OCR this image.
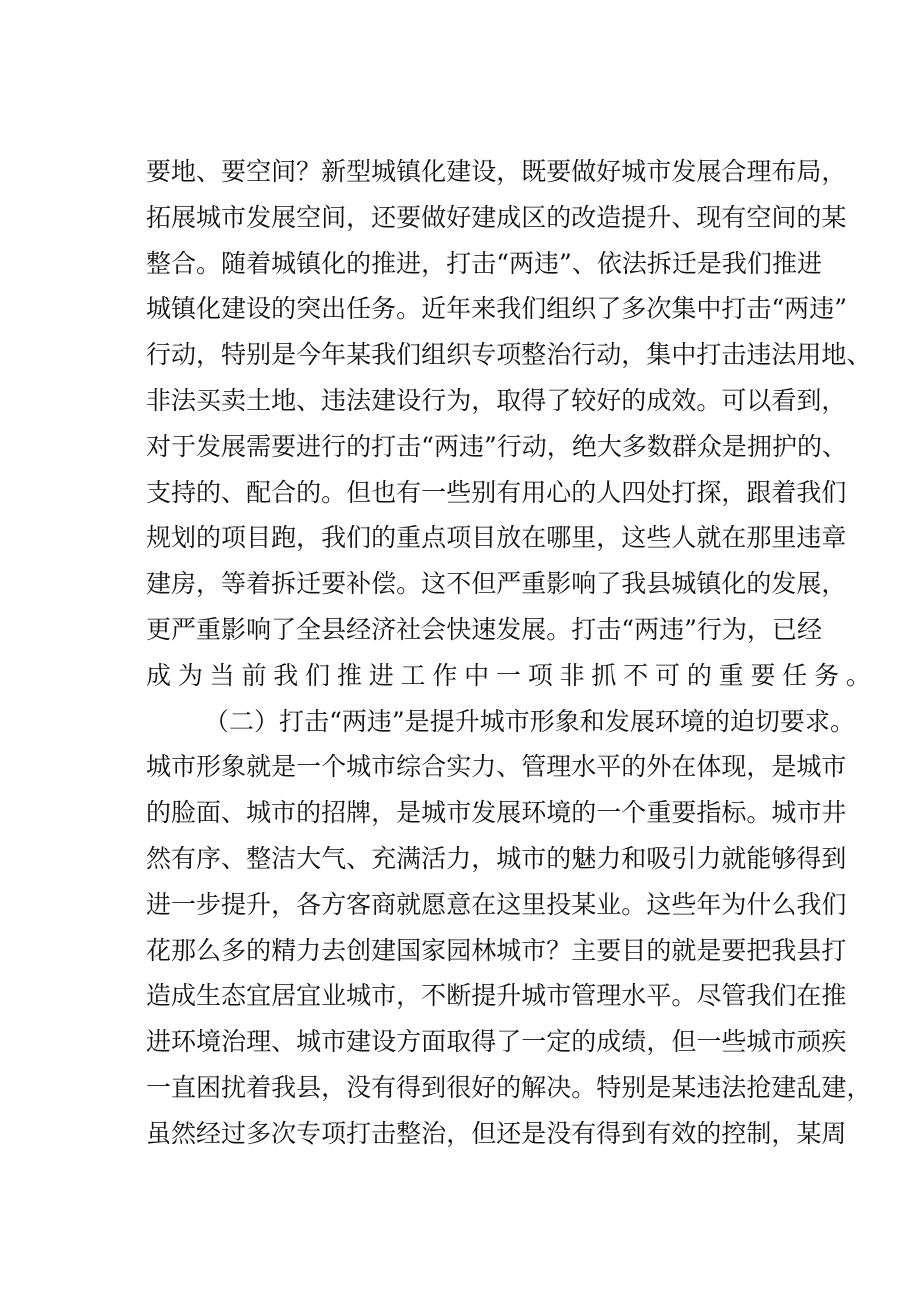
要 地 、 要 空 间 ？ 新 型 城 镇 化 建 设 ， 既 要 做 好 城 市 发 展 合 理 布 局 ，
拓 展 城 市 发 展 空 间 ， 还 要 做 好 建 成 区 的 改 造 提 升 、 现 有 空 间 的 某
整 合 。 随 着 城 镇 化 的 推 进 ， 打 击 “ 两 违 ” 、 依 法 拆 迁 是 我 们 推 进
城 镇 化 建 设 的 突 出 任 务 。 近 年 来 我 们 组 织 了 多 次 集 中 打 击 “ 两 违 ”
行 动 ， 特 别 是 今 年 某 我 们 组 织 专 项 整 治 行 动 ， 集 中 打 击 违 法 用 地 、
非 法 买 卖 土 地 、 违 法 建 设 行 为 ， 取 得 了 较 好 的 成 效 。 可 以 看 到 ，
对 于 发 展 需 要 进 行 的 打 击 “ 两 违 ” 行 动 ， 绝 大 多 数 群 众 是 拥 护 的 、
支 持 的 、 配 合 的 。 但 也 有 一 些 别 有 用 心 的 人 四 处 打 探 ， 跟 着 我 们
规 划 的 项 目 跑 ， 我 们 的 重 点 项 目 放 在 哪 里 ， 这 些 人 就 在 那 里 违 章
建 房 ， 等 着 拆 迁 要 补 偿 。 这 不 但 严 重 影 响 了 我 县 城 镇 化 的 发 展 ，
更 严 重 影 响 了 全 县 经 济 社 会 快 速 发 展 。 打 击 “ 两 违 ” 行 为 ， 已 经
成 为 当 前 我 们 推 进 工 作 中 一 项 非 抓 不 可 的 重 要 任 务 。
（ 二 ） 打 击 “ 两 违 ” 是 提 升 城 市 形 象 和 发 展 环 境 的 迫 切 要 求 。
城 市 形 象 就 是 一 个 城 市 综 合 实 力 、 管 理 水 平 的 外 在 体 现 ， 是 城 市
的 脸 面 、 城 市 的 招 牌 ， 是 城 市 发 展 环 境 的 一 个 重 要 指 标 。 城 市 井
然 有 序 、 整 洁 大 气 、 充 满 活 力 ， 城 市 的 魅 力 和 吸 引 力 就 能 够 得 到
进 一 步 提 升 ， 各 方 客 商 就 愿 意 在 这 里 投 某 业 。 这 些 年 为 什 么 我 们
花 那 么 多 的 精 力 去 创 建 国 家 园 林 城 市 ？ 主 要 目 的 就 是 要 把 我 县 打
造 成 生 态 宜 居 宜 业 城 市 ， 不 断 提 升 城 市 管 理 水 平 。 尽 管 我 们 在 推
进 环 境 治 理 、 城 市 建 设 方 面 取 得 了 一 定 的 成 绩 ， 但 一 些 城 市 顽 疾
一 直 困 扰 着 我 县 ， 没 有 得 到 很 好 的 解 决 。 特 别 是 某 违 法 抢 建 乱 建 ，
虽 然 经 过 多 次 专 项 打 击 整 治 ， 但 还 是 没 有 得 到 有 效 的 控 制 ， 某 周
